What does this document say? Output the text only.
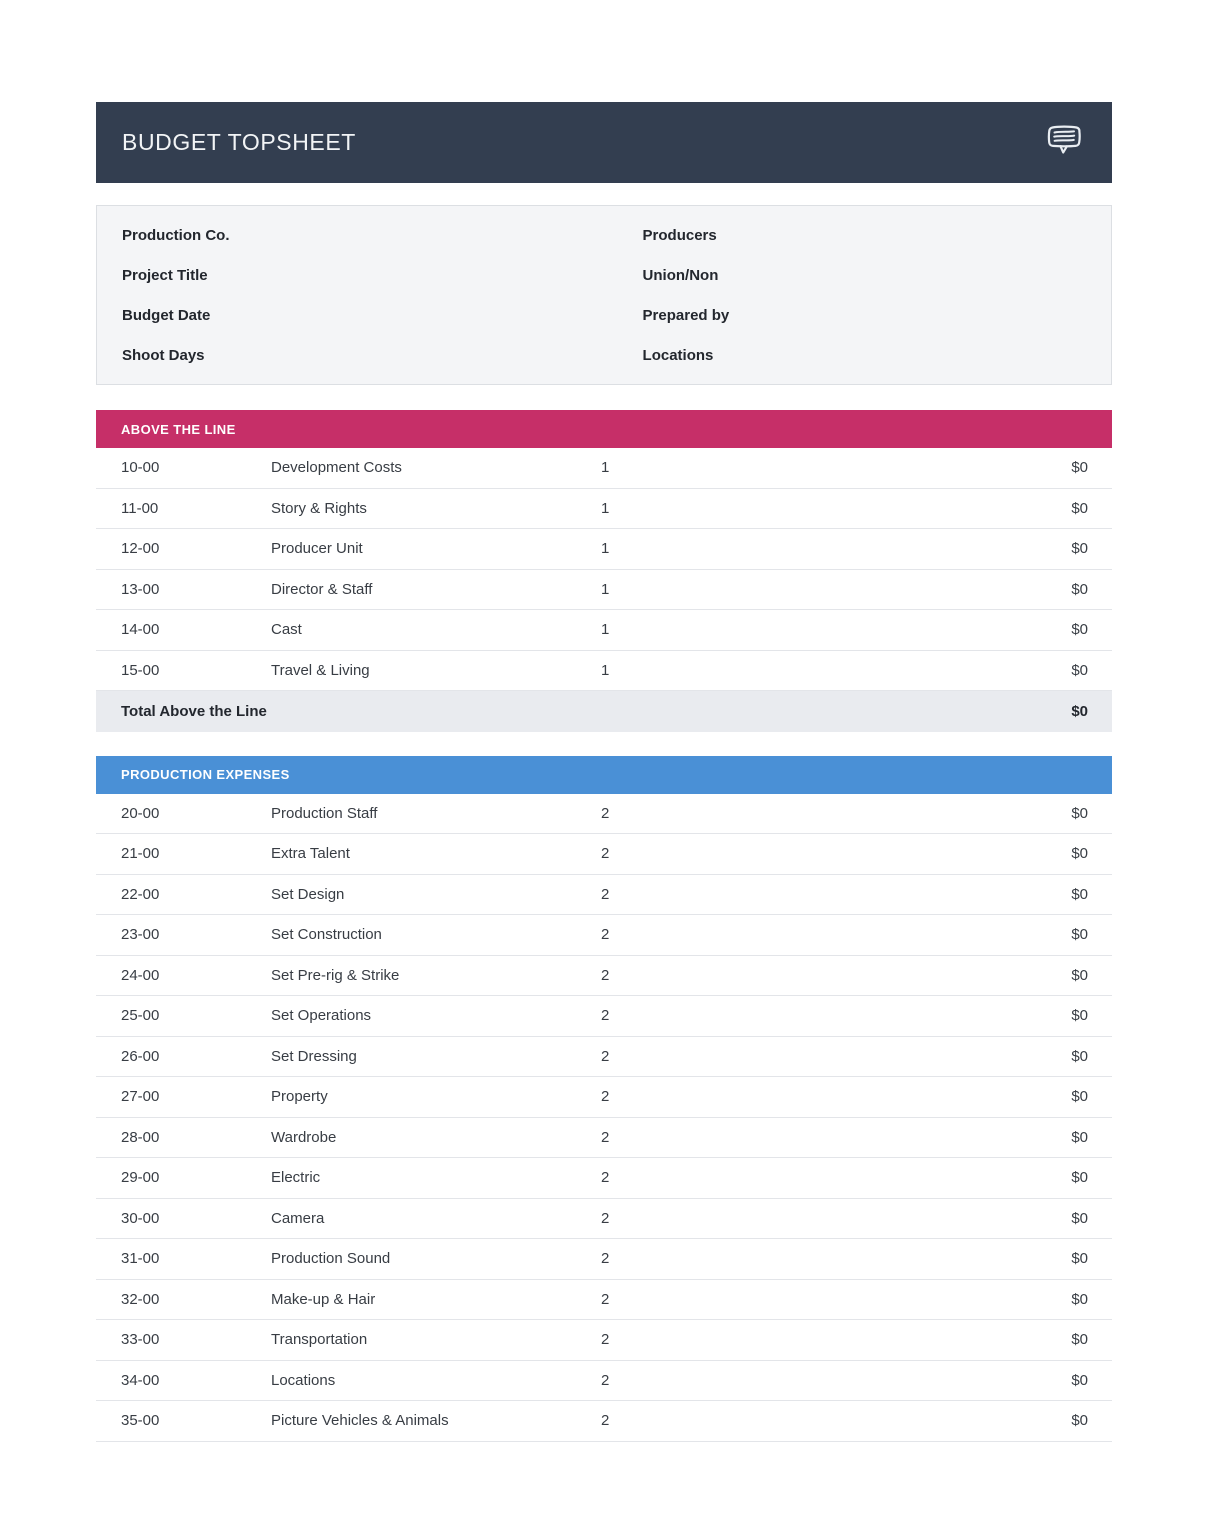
BUDGET TOPSHEET
Production Co.
Project Title
Budget Date
Shoot Days
Producers
Union/Non
Prepared by
Locations
ABOVE THE LINE
10-00	Development Costs	1	$0
11-00	Story & Rights	1	$0
12-00	Producer Unit	1	$0
13-00	Director & Staff	1	$0
14-00	Cast	1	$0
15-00	Travel & Living	1	$0
Total Above the Line	$0
PRODUCTION EXPENSES
20-00	Production Staff	2	$0
21-00	Extra Talent	2	$0
22-00	Set Design	2	$0
23-00	Set Construction	2	$0
24-00	Set Pre-rig & Strike	2	$0
25-00	Set Operations	2	$0
26-00	Set Dressing	2	$0
27-00	Property	2	$0
28-00	Wardrobe	2	$0
29-00	Electric	2	$0
30-00	Camera	2	$0
31-00	Production Sound	2	$0
32-00	Make-up & Hair	2	$0
33-00	Transportation	2	$0
34-00	Locations	2	$0
35-00	Picture Vehicles & Animals	2	$0
